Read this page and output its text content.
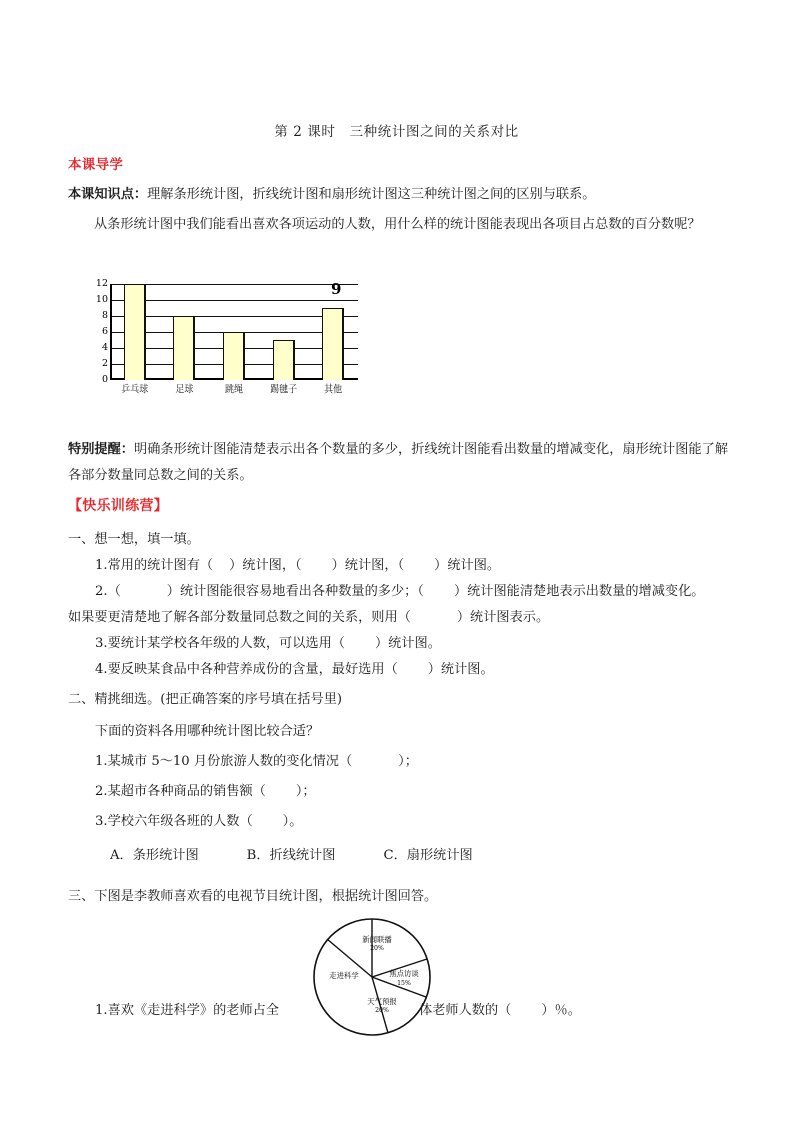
第 2 课时　三种统计图之间的关系对比
本课导学
本课知识点：理解条形统计图，折线统计图和扇形统计图这三种统计图之间的区别与联系。
从条形统计图中我们能看出喜欢各项运动的人数，用什么样的统计图能表现出各项目占总数的百分数呢？
12
10
8
6
4
2
0
乒乓球	足球	跳绳	踢毽子	其他
9
特别提醒：明确条形统计图能清楚表示出各个数量的多少，折线统计图能看出数量的增减变化，扇形统计图能了解各部分数量同总数之间的关系。
【快乐训练营】
一、想一想，填一填。
1.常用的统计图有（ ）统计图，（ ）统计图，（ ）统计图。
2.（	）统计图能很容易地看出各种数量的多少；（ ）统计图能清楚地表示出数量的增减变化。
如果要更清楚地了解各部分数量同总数之间的关系，则用（	）统计图表示。
3.要统计某学校各年级的人数，可以选用（ ）统计图。
4.要反映某食品中各种营养成份的含量，最好选用（ ）统计图。
二、精挑细选。(把正确答案的序号填在括号里)
下面的资料各用哪种统计图比较合适？
1.某城市 5～10 月份旅游人数的变化情况（	）；
2.某超市各种商品的销售额（ ）；
3.学校六年级各班的人数（ ）。
A．条形统计图	B．折线统计图	C．扇形统计图
三、下图是李教师喜欢看的电视节目统计图，根据统计图回答。
新闻联播
20%
焦点访谈
15%
天气预报
20%
走进科学
1.喜欢《走进科学》的老师占全	体老师人数的（ ）％。
